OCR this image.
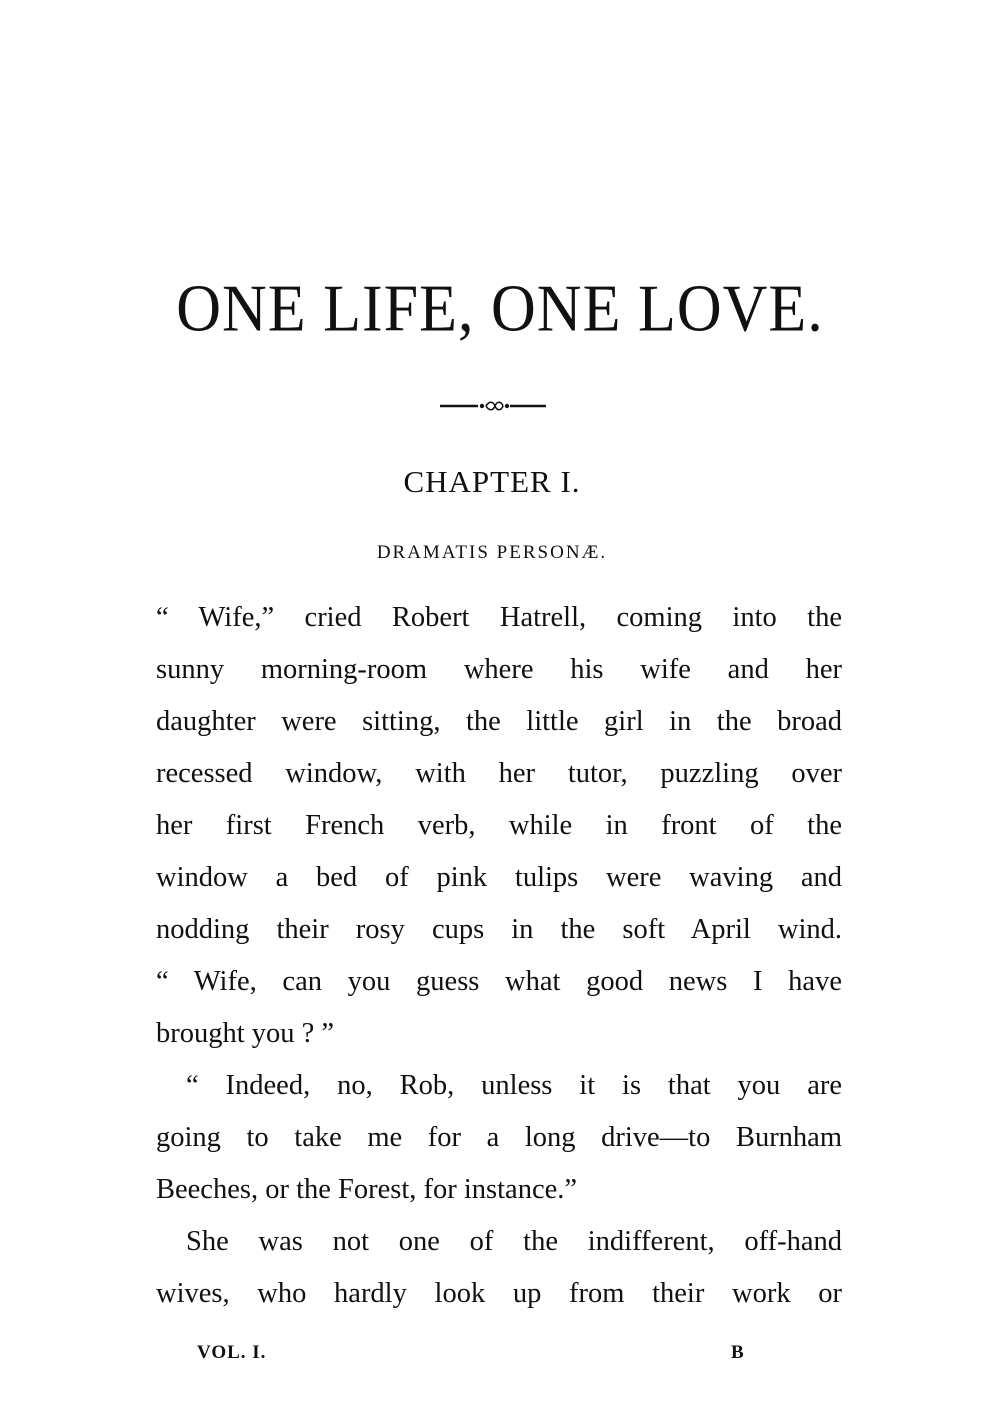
ONE LIFE, ONE LOVE.
CHAPTER I.
DRAMATIS PERSONÆ.
“ Wife,” cried Robert Hatrell, coming into the
sunny morning-room where his wife and her
daughter were sitting, the little girl in the broad
recessed window, with her tutor, puzzling over
her first French verb, while in front of the
window a bed of pink tulips were waving and
nodding their rosy cups in the soft April wind.
“ Wife, can you guess what good news I have
brought you ? ”
“ Indeed, no, Rob, unless it is that you are
going to take me for a long drive—to Burnham
Beeches, or the Forest, for instance.”
She was not one of the indifferent, off-hand
wives, who hardly look up from their work or
VOL. I.	B
